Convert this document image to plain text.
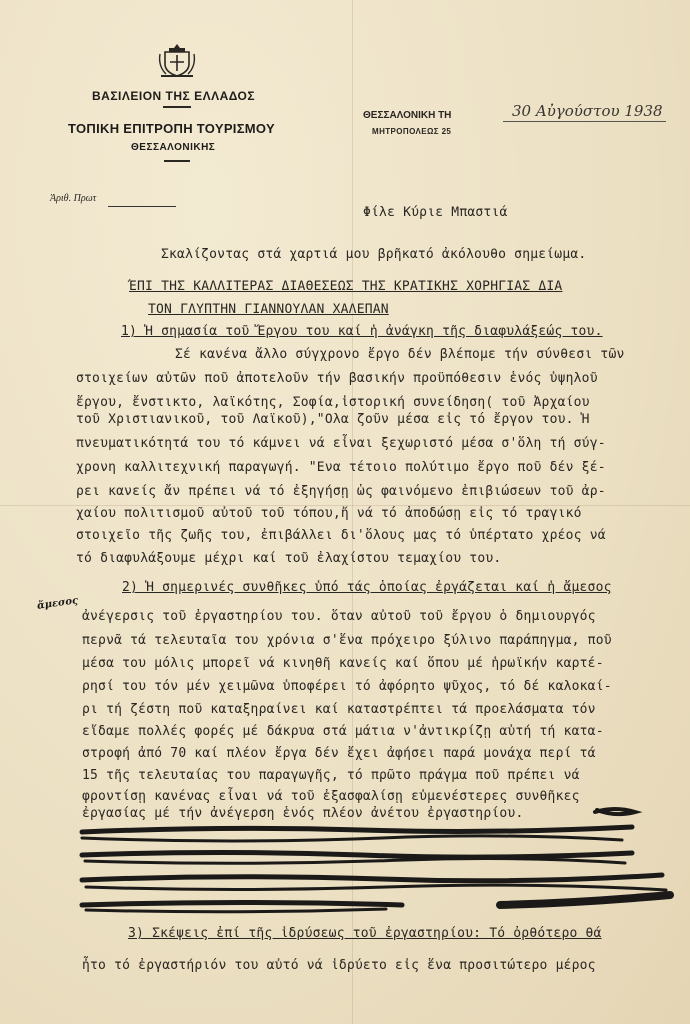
ΒΑΣΙΛΕΙΟΝ ΤΗΣ ΕΛΛΑΔΟΣ
ΤΟΠΙΚΗ ΕΠΙΤΡΟΠΗ ΤΟΥΡΙΣΜΟΥ
ΘΕΣΣΑΛΟΝΙΚΗΣ
Ἀριθ. Πρωτ
ΘΕΣΣΑΛΟΝΙΚΗ ΤΗ	30 Αὐγούστου 1938
ΜΗΤΡΟΠΟΛΕΩΣ 25
Φίλε Κύριε Μπαστιά
Σκαλίζοντας στά χαρτιά μου βρῆκατό ἀκόλουθο σημείωμα.
ΈΠΙ ΤΗΣ ΚΑΛΛΙΤΕΡΑΣ ΔΙΑΘΕΣΕΩΣ ΤΗΣ ΚΡΑΤΙΚΗΣ ΧΟΡΗΓΙΑΣ ΔΙΑ
ΤΟΝ ΓΛΥΠΤΗΝ ΓΙΑΝΝΟΥΛΑΝ ΧΑΛΕΠΑΝ
1) Ἡ σημασία τοῦ Ἔργου του καί ἡ ἀνάγκη τῆς διαφυλάξεώς του.
Σέ κανένα ἄλλο σύγχρονο ἔργο δέν βλέπομε τήν σύνθεσι τῶν
στοιχείων αὐτῶν ποῦ ἀποτελοῦν τήν βασικήν προϋπόθεσιν ἑνός ὑψηλοῦ
ἔργου, ἔνστικτο, λαϊκότης, Σοφία,ἱστορική συνείδηση( τοῦ Ἀρχαίου
τοῦ Χριστιανικοῦ, τοῦ Λαϊκοῦ),"Ολα ζοῦν μέσα εἰς τό ἔργον του. Ἡ
πνευματικότητά του τό κάμνει νά εἶναι ξεχωριστό μέσα σ'ὅλη τή σύγ-
χρονη καλλιτεχνική παραγωγή. "Ενα τέτοιο πολύτιμο ἔργο ποῦ δέν ξέ-
ρει κανείς ἄν πρέπει νά τό ἐξηγήσῃ ὡς φαινόμενο ἐπιβιώσεων τοῦ ἀρ-
χαίου πολιτισμοῦ αὐτοῦ τοῦ τόπου,ἤ νά τό ἀποδώσῃ εἰς τό τραγικό
στοιχεῖο τῆς ζωῆς του, ἐπιβάλλει δι'ὅλους μας τό ὑπέρτατο χρέος νά
τό διαφυλάξουμε μέχρι καί τοῦ ἐλαχίστου τεμαχίου του.
2) Ἡ σημερινές συνθῆκες ὑπό τάς ὁποίας ἐργάζεται καί ἡ ἄμεσος
ἀνέγερσις τοῦ ἐργαστηρίου του. ὅταν αὐτοῦ τοῦ ἔργου ὁ δημιουργός
περνᾶ τά τελευταῖα του χρόνια σ'ἕνα πρόχειρο ξύλινο παράπηγμα, ποῦ
μέσα του μόλις μπορεῖ νά κινηθῆ κανείς καί ὅπου μέ ἡρωϊκήν καρτέ-
ρησί του τόν μέν χειμῶνα ὑποφέρει τό ἀφόρητο ψῦχος, τό δέ καλοκαί-
ρι τή ζέστη ποῦ καταξηραίνει καί καταστρέπτει τά προελάσματα τόν
εἴδαμε πολλές φορές μέ δάκρυα στά μάτια ν'ἀντικρίζῃ αὐτή τή κατα-
στροφή ἀπό 70 καί πλέον ἔργα δέν ἔχει ἀφήσει παρά μονάχα περί τά
15 τῆς τελευταίας του παραγωγῆς, τό πρῶτο πράγμα ποῦ πρέπει νά
φροντίσῃ κανένας εἶναι νά τοῦ ἐξασφαλίσῃ εὐμενέστερες συνθῆκες
ἐργασίας μέ τήν ἀνέγερση ἑνός πλέον ἀνέτου ἐργαστηρίου.
ἄμεσος
3) Σκέψεις ἐπί τῆς ἱδρύσεως τοῦ ἐργαστηρίου: Τό ὀρθότερο θά
ἦτο τό ἐργαστήριόν του αὐτό νά ἱδρύετο εἰς ἕνα προσιτώτερο μέρος
